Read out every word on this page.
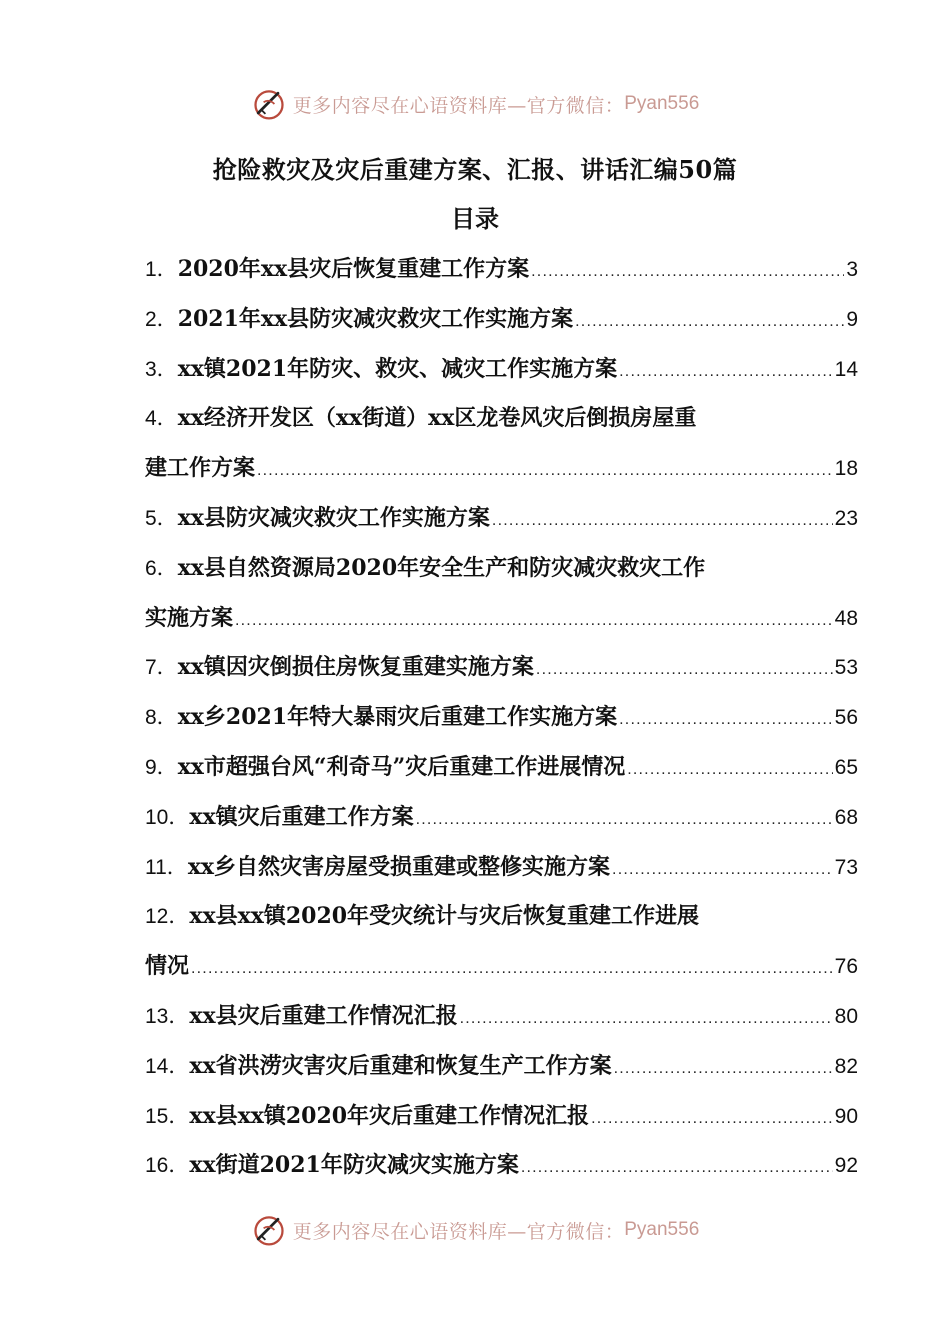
更多内容尽在心语资料库—官方微信： Pyan556
抢险救灾及灾后重建方案、汇报、讲话汇编50篇
目录
1． 2020年xx县灾后恢复重建工作方案 .....	3
2． 2021年xx县防灾减灾救灾工作实施方案 .....	9
3． xx镇2021年防灾、救灾、减灾工作实施方案 .....	14
4． xx经济开发区（xx街道）xx区龙卷风灾后倒损房屋重
建工作方案 .....	18
5． xx县防灾减灾救灾工作实施方案 .....	23
6． xx县自然资源局2020年安全生产和防灾减灾救灾工作
实施方案 .....	48
7． xx镇因灾倒损住房恢复重建实施方案 .....	53
8． xx乡2021年特大暴雨灾后重建工作实施方案 .....	56
9． xx市超强台风“利奇马”灾后重建工作进展情况 .....	65
10． xx镇灾后重建工作方案 .....	68
11． xx乡自然灾害房屋受损重建或整修实施方案 .....	73
12． xx县xx镇2020年受灾统计与灾后恢复重建工作进展
情况 .....	76
13． xx县灾后重建工作情况汇报 .....	80
14． xx省洪涝灾害灾后重建和恢复生产工作方案 .....	82
15． xx县xx镇2020年灾后重建工作情况汇报 .....	90
16． xx街道2021年防灾减灾实施方案 .....	92
更多内容尽在心语资料库—官方微信： Pyan556
